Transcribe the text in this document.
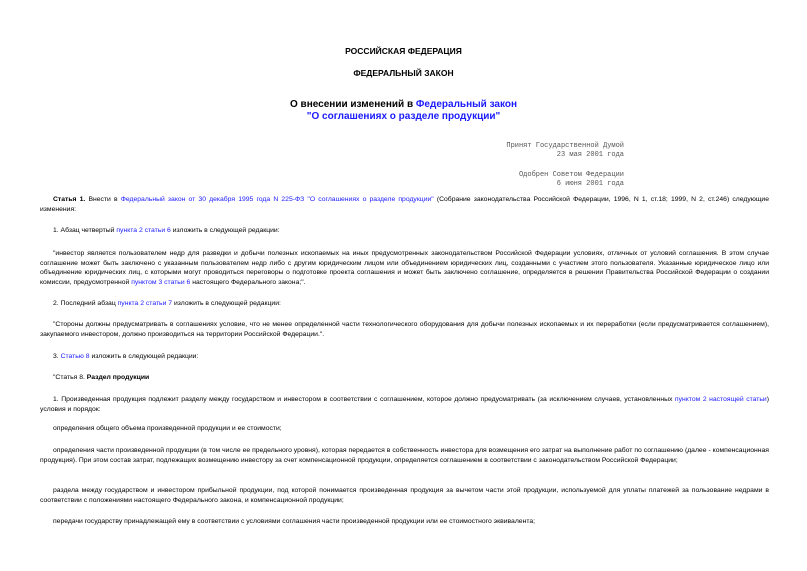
РОССИЙСКАЯ ФЕДЕРАЦИЯ
ФЕДЕРАЛЬНЫЙ ЗАКОН
О внесении изменений в Федеральный закон
"О соглашениях о разделе продукции"
Принят Государственной Думой
23 мая 2001 года
Одобрен Советом Федерации
6 июня 2001 года
Статья 1. Внести в Федеральный закон от 30 декабря 1995 года N 225-ФЗ "О соглашениях о разделе продукции" (Собрание законодательства Российской Федерации, 1996, N 1, ст.18; 1999, N 2, ст.246) следующие изменения:
1. Абзац четвертый пункта 2 статьи 6 изложить в следующей редакции:
"инвестор является пользователем недр для разведки и добычи полезных ископаемых на иных предусмотренных законодательством Российской Федерации условиях, отличных от условий соглашения. В этом случае соглашение может быть заключено с указанным пользователем недр либо с другим юридическим лицом или объединением юридических лиц, созданными с участием этого пользователя. Указанные юридическое лицо или объединение юридических лиц, с которыми могут проводиться переговоры о подготовке проекта соглашения и может быть заключено соглашение, определяется в решении Правительства Российской Федерации о создании комиссии, предусмотренной пунктом 3 статьи 6 настоящего Федерального закона;".
2. Последний абзац пункта 2 статьи 7 изложить в следующей редакции:
"Стороны должны предусматривать в соглашениях условие, что не менее определенной части технологического оборудования для добычи полезных ископаемых и их переработки (если предусматривается соглашением), закупаемого инвестором, должно производиться на территории Российской Федерации.".
3. Статью 8 изложить в следующей редакции:
"Статья 8. Раздел продукции
1. Произведенная продукция подлежит разделу между государством и инвестором в соответствии с соглашением, которое должно предусматривать (за исключением случаев, установленных пунктом 2 настоящей статьи) условия и порядок:
определения общего объема произведенной продукции и ее стоимости;
определения части произведенной продукции (в том числе ее предельного уровня), которая передается в собственность инвестора для возмещения его затрат на выполнение работ по соглашению (далее - компенсационная продукция). При этом состав затрат, подлежащих возмещению инвестору за счет компенсационной продукции, определяется соглашением в соответствии с законодательством Российской Федерации;
раздела между государством и инвестором прибыльной продукции, под которой понимается произведенная продукция за вычетом части этой продукции, используемой для уплаты платежей за пользование недрами в соответствии с положениями настоящего Федерального закона, и компенсационной продукции;
передачи государству принадлежащей ему в соответствии с условиями соглашения части произведенной продукции или ее стоимостного эквивалента;
